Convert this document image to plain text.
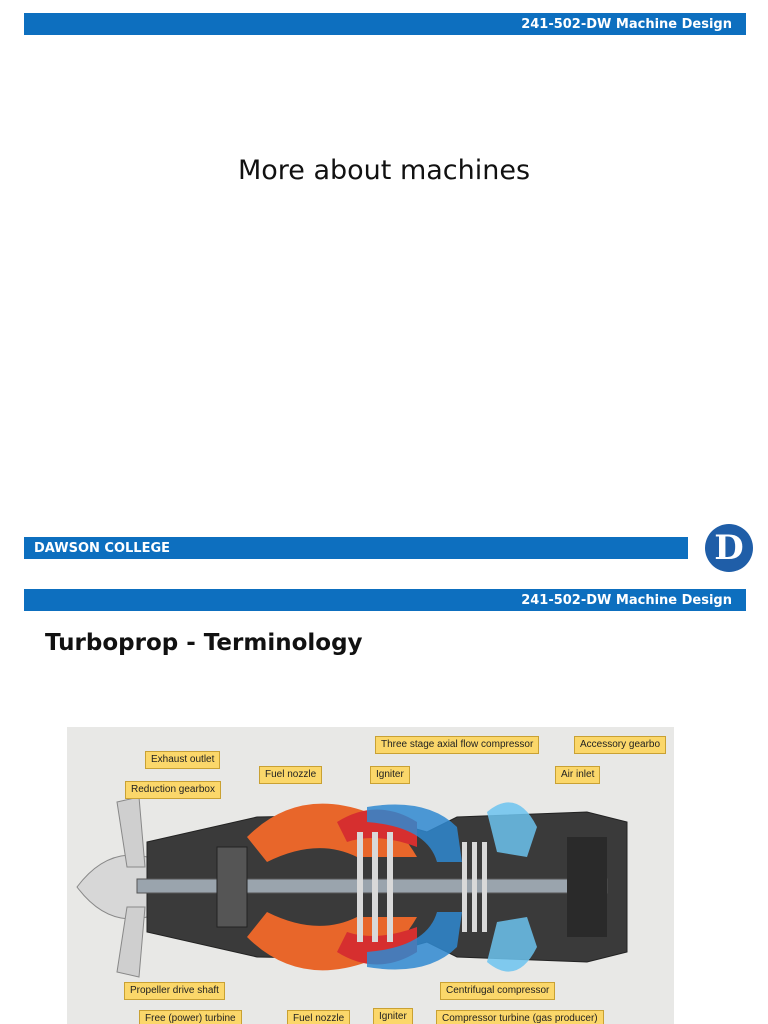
241-502-DW Machine Design
More about machines
DAWSON COLLEGE	D
241-502-DW Machine Design
Turboprop - Terminology
Exhaust outlet
Reduction gearbox
Fuel nozzle	Igniter
Three stage axial flow compressor	Accessory gearbo
Air inlet
Propeller drive shaft	Centrifugal compressor
Free (power) turbine	Fuel nozzle	Igniter	Compressor turbine (gas producer)
